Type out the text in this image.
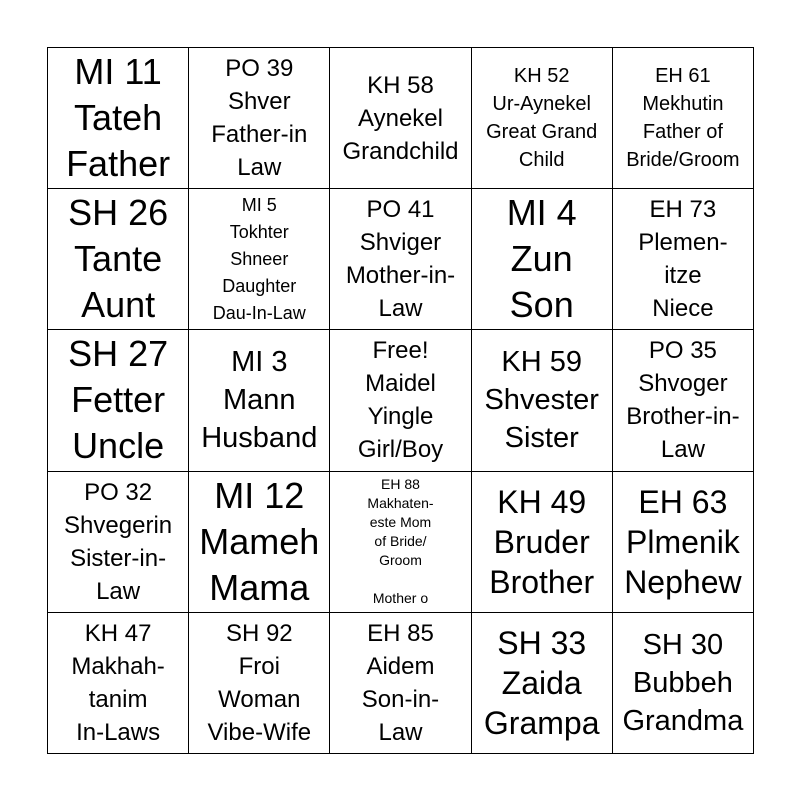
MI 11
Tateh
Father
PO 39
Shver
Father-in
Law
KH 58
Aynekel
Grandchild
KH 52
Ur-Aynekel
Great Grand
Child
EH 61
Mekhutin
Father of
Bride/Groom
SH 26
Tante
Aunt
MI 5
Tokhter
Shneer
Daughter
Dau-In-Law
PO 41
Shviger
Mother-in-
Law
MI 4
Zun
Son
EH 73
Plemen-
itze
Niece
SH 27
Fetter
Uncle
MI 3
Mann
Husband
Free!
Maidel
Yingle
Girl/Boy
KH 59
Shvester
Sister
PO 35
Shvoger
Brother-in-
Law
PO 32
Shvegerin
Sister-in-
Law
MI 12
Mameh
Mama
EH 88
Makhaten-
este Mom
of Bride/
Groom
Mother o
KH 49
Bruder
Brother
EH 63
Plmenik
Nephew
KH 47
Makhah-
tanim
In-Laws
SH 92
Froi
Woman
Vibe-Wife
EH 85
Aidem
Son-in-
Law
SH 33
Zaida
Grampa
SH 30
Bubbeh
Grandma
